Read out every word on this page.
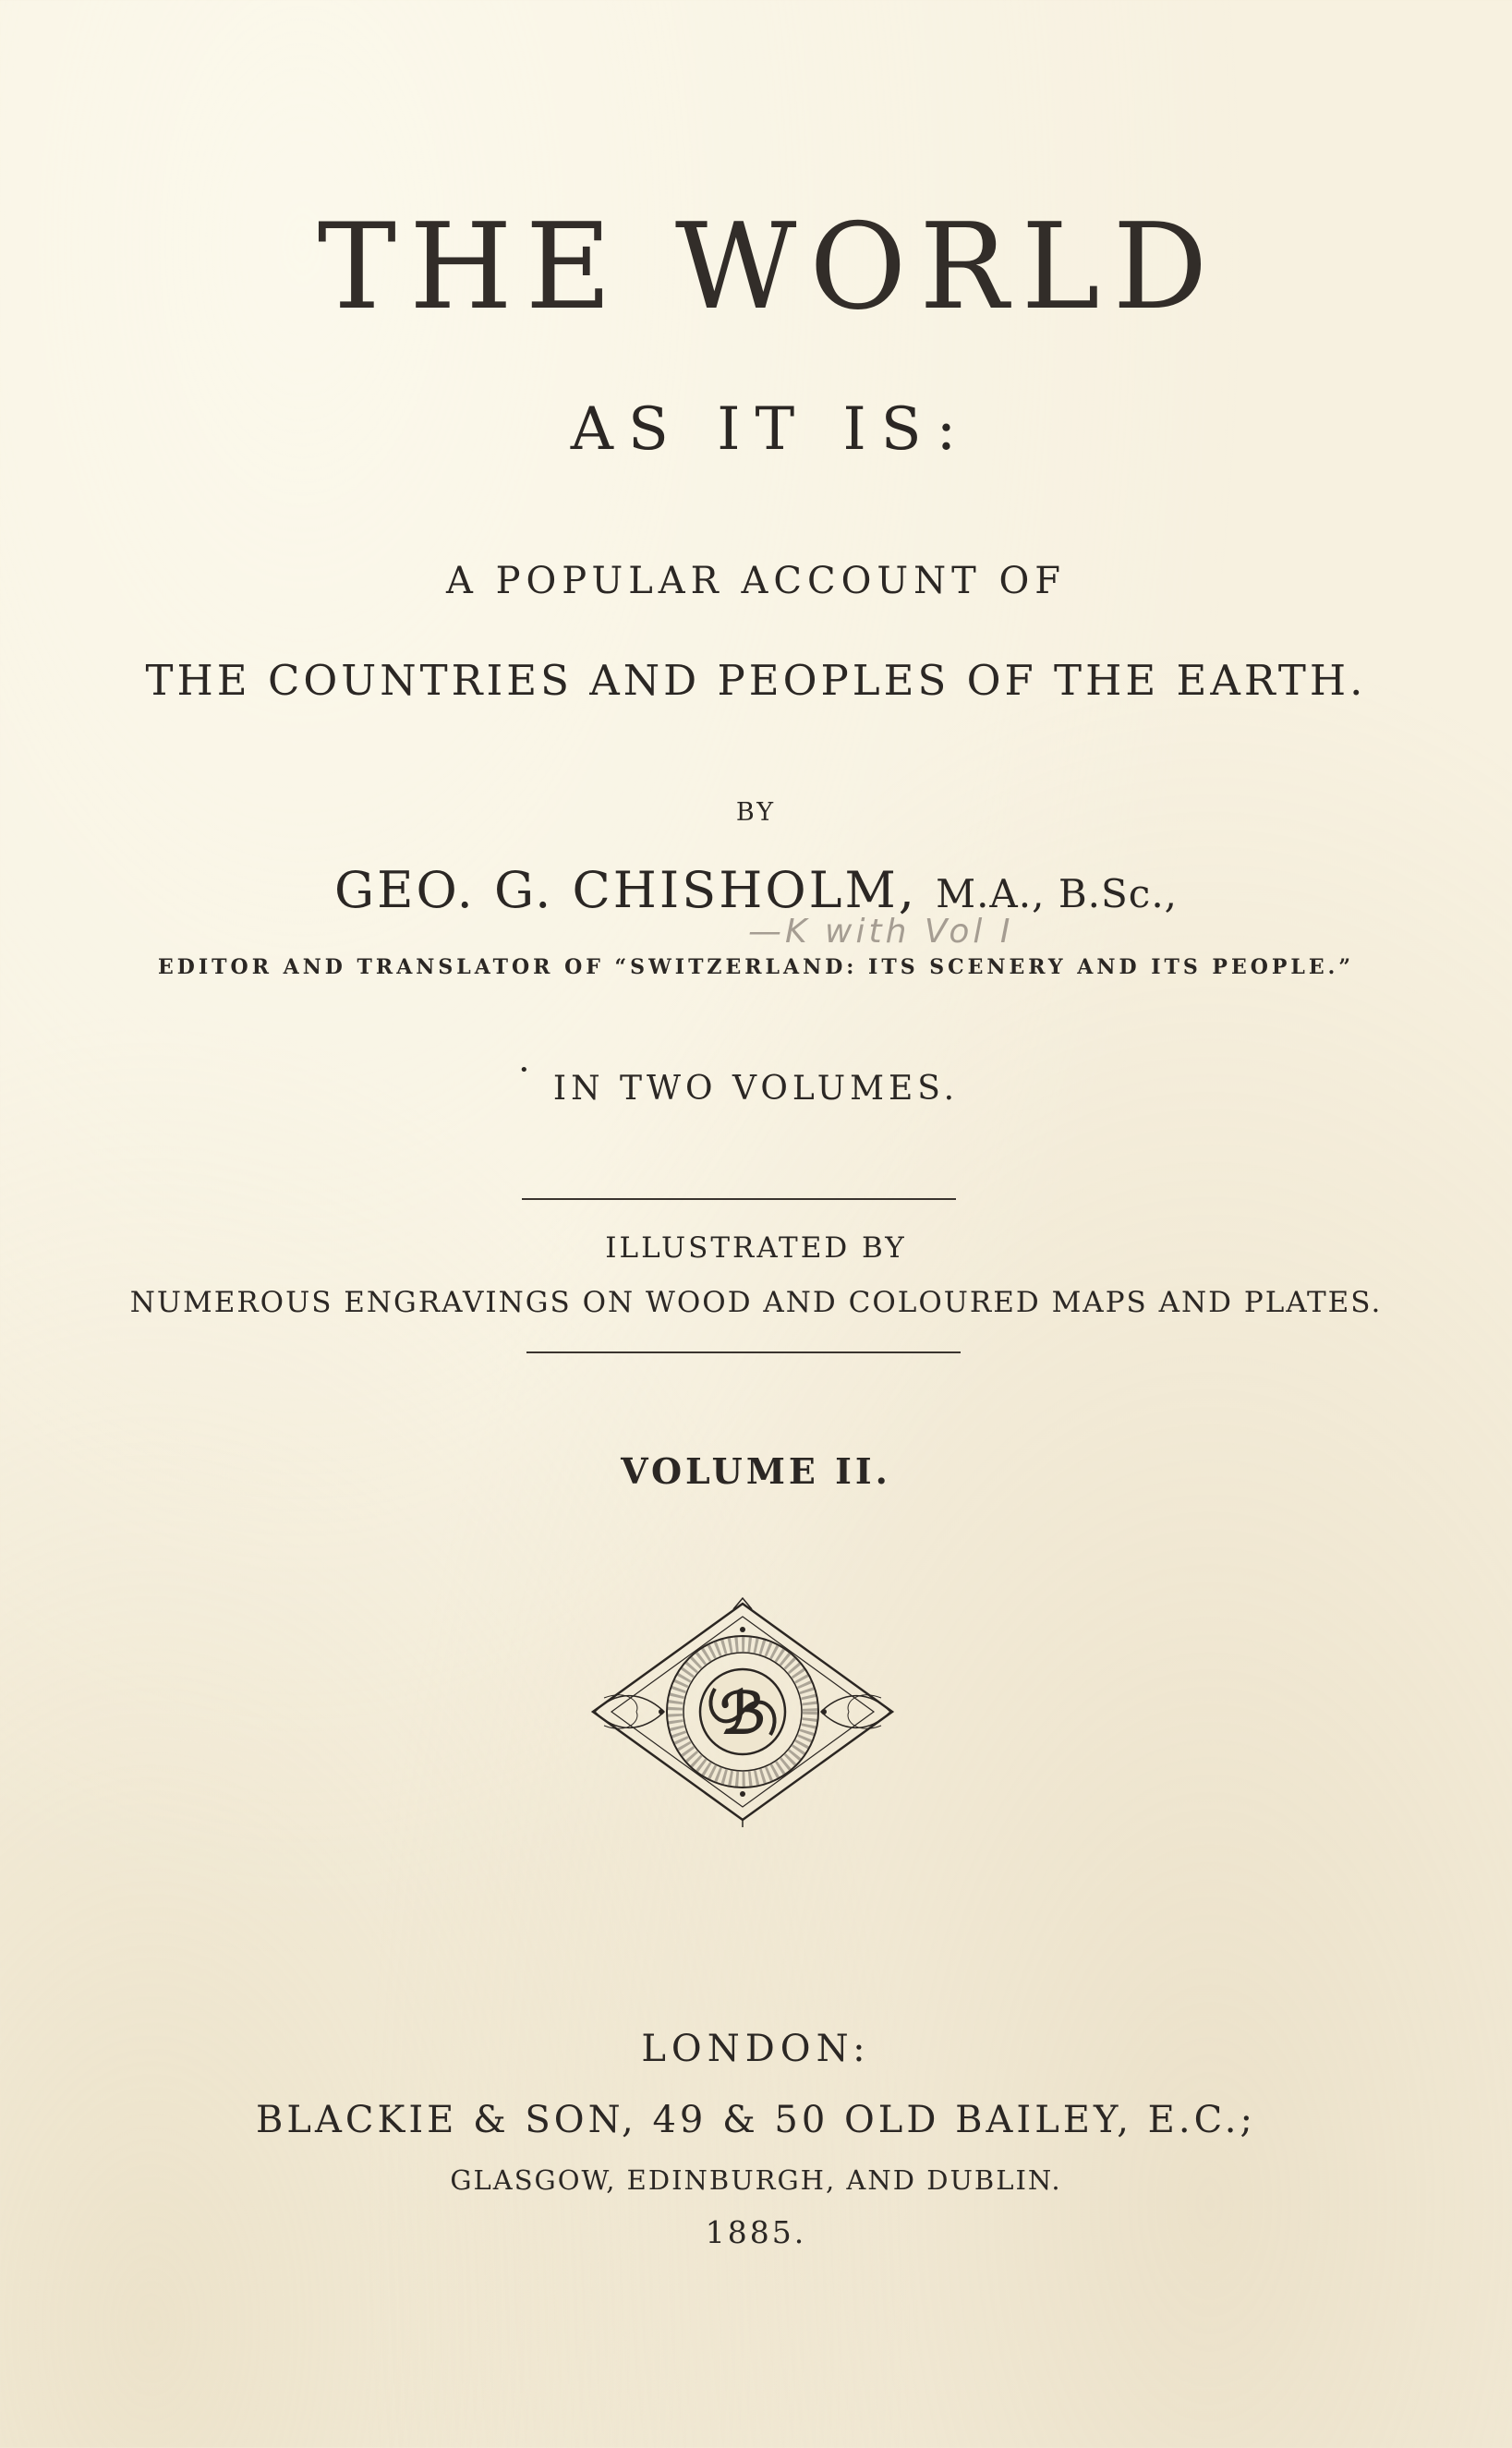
THE WORLD
AS IT IS:
A POPULAR ACCOUNT OF
THE COUNTRIES AND PEOPLES OF THE EARTH.
BY
GEO. G. CHISHOLM, M.A., B.Sc.,
—K with Vol I
EDITOR AND TRANSLATOR OF “SWITZERLAND: ITS SCENERY AND ITS PEOPLE.”
• IN TWO VOLUMES.
ILLUSTRATED BY
NUMEROUS ENGRAVINGS ON WOOD AND COLOURED MAPS AND PLATES.
VOLUME II.
ℬ
LONDON:
BLACKIE & SON, 49 & 50 OLD BAILEY, E.C.;
GLASGOW, EDINBURGH, AND DUBLIN.
1885.
